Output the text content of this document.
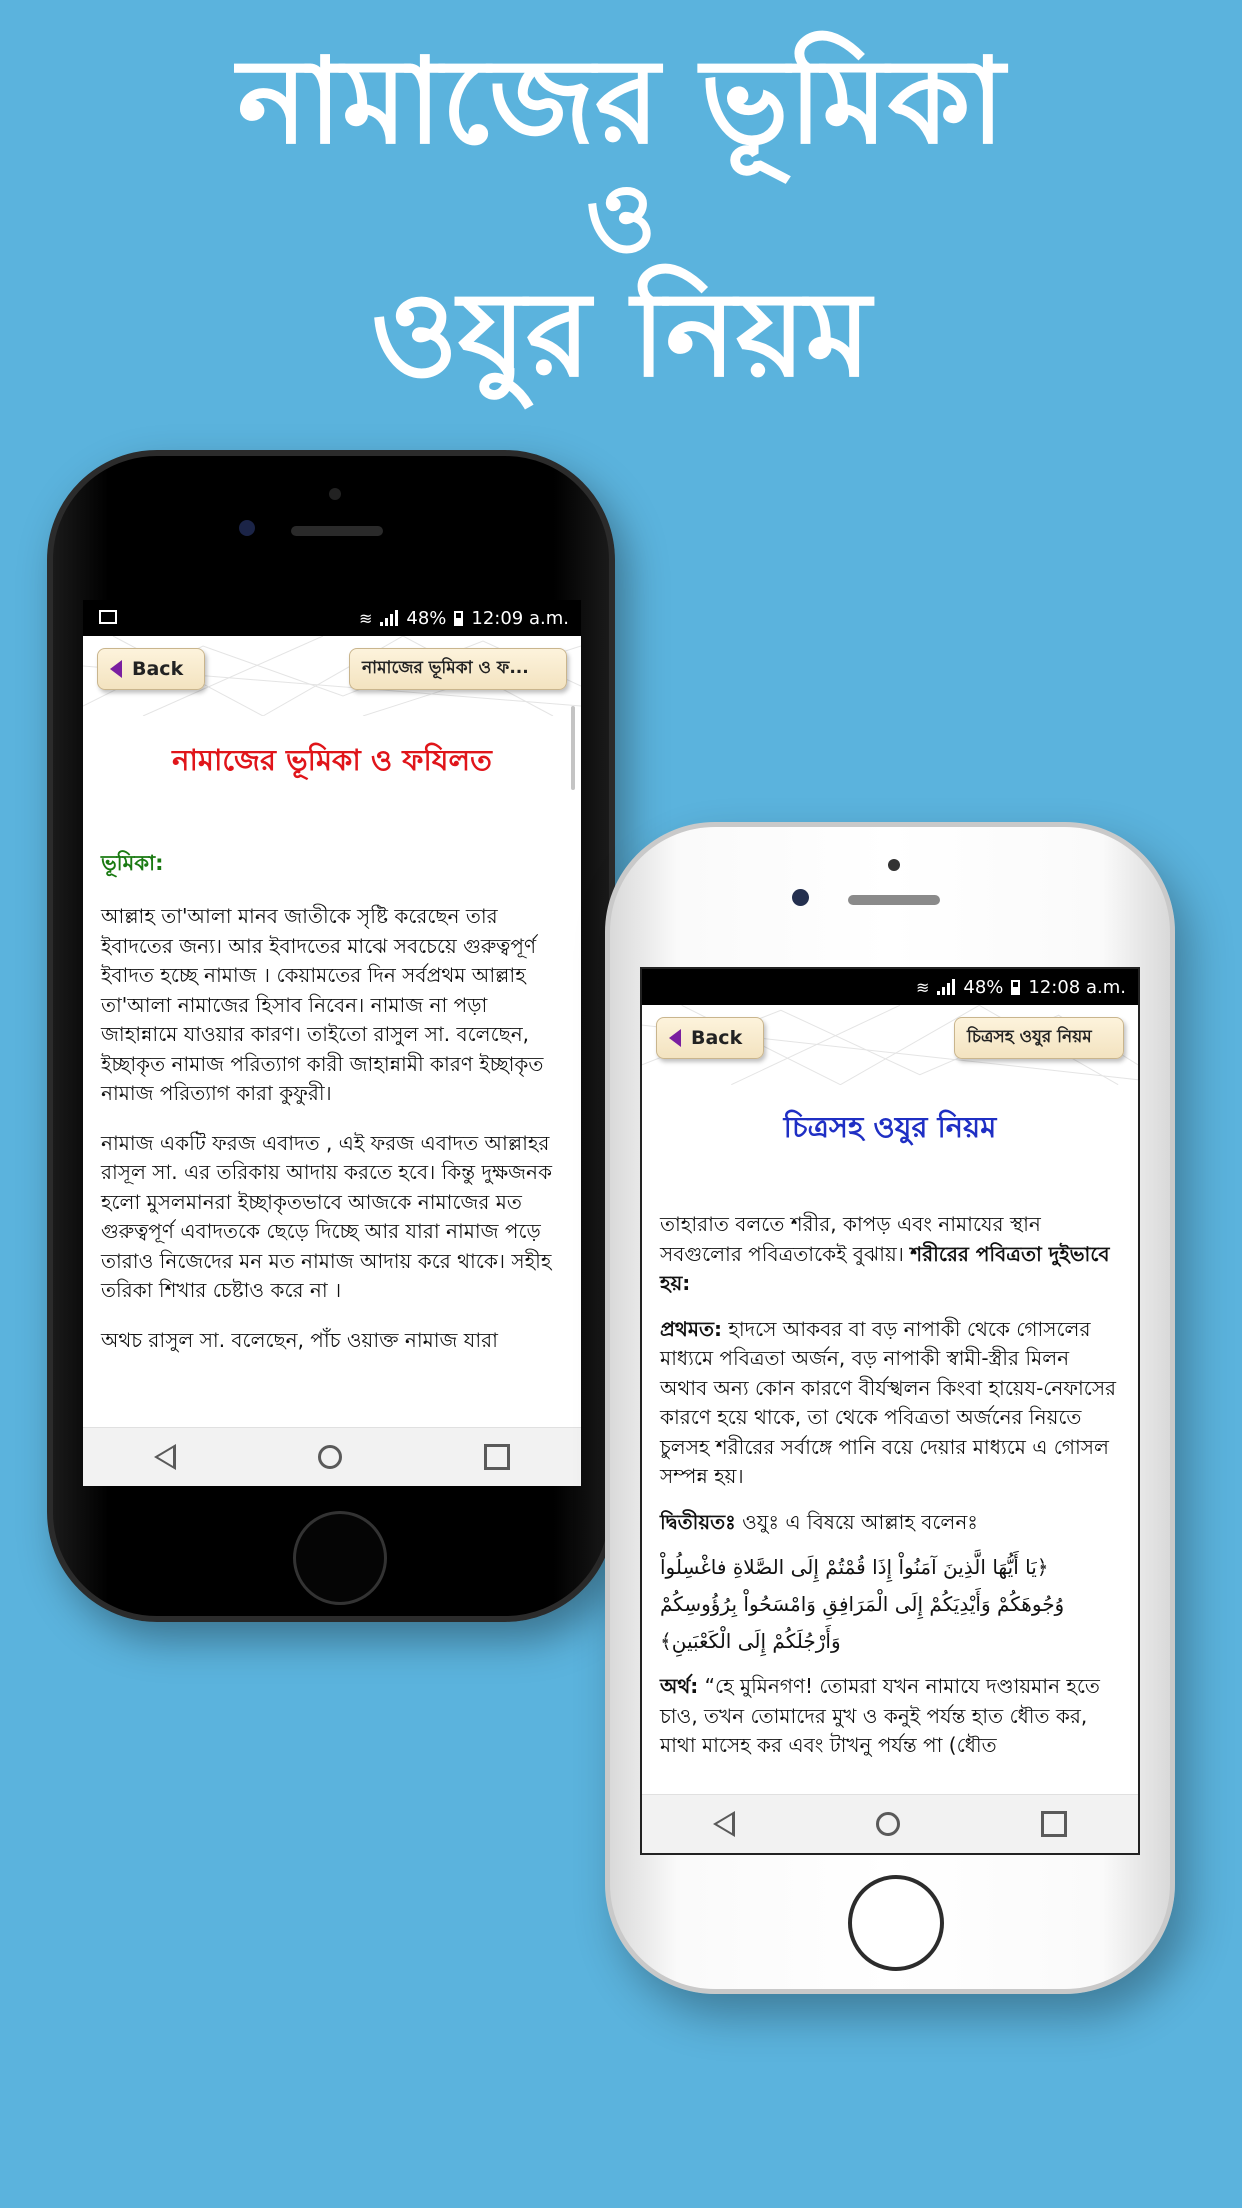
নামাজের ভূমিকা
ও
ওযুর নিয়ম
≋ 48% 12:09 a.m.
Back	নামাজের ভূমিকা ও ফ...

নামাজের ভূমিকা ও ফযিলত

ভূমিকা:

আল্লাহ তা'আলা মানব জাতীকে সৃষ্টি করেছেন তার ইবাদতের জন্য। আর ইবাদতের মাঝে সবচেয়ে গুরুত্বপূর্ণ ইবাদত হচ্ছে নামাজ । কেয়ামতের দিন সর্বপ্রথম আল্লাহ তা'আলা নামাজের হিসাব নিবেন। নামাজ না পড়া জাহান্নামে যাওয়ার কারণ। তাইতো রাসুল সা. বলেছেন, ইচ্ছাকৃত নামাজ পরিত্যাগ কারী জাহান্নামী কারণ ইচ্ছাকৃত নামাজ পরিত্যাগ কারা কুফুরী।

নামাজ একটি ফরজ এবাদত , এই ফরজ এবাদত আল্লাহর রাসূল সা. এর তরিকায় আদায় করতে হবে। কিন্তু দুক্ষজনক হলো মুসলমানরা ইচ্ছাকৃতভাবে আজকে নামাজের মত গুরুত্বপূর্ণ এবাদতকে ছেড়ে দিচ্ছে আর যারা নামাজ পড়ে তারাও নিজেদের মন মত নামাজ আদায় করে থাকে। সহীহ তরিকা শিখার চেষ্টাও করে না ।

অথচ রাসুল সা. বলেছেন, পাঁচ ওয়াক্ত নামাজ যারা

≋ 48% 12:08 a.m.
Back	চিত্রসহ ওযুর নিয়ম

চিত্রসহ ওযুর নিয়ম

তাহারাত বলতে শরীর, কাপড় এবং নামাযের স্থান সবগুলোর পবিত্রতাকেই বুঝায়। শরীরের পবিত্রতা দুইভাবে হয়:

প্রথমত: হাদসে আকবর বা বড় নাপাকী থেকে গোসলের মাধ্যমে পবিত্রতা অর্জন, বড় নাপাকী স্বামী-স্ত্রীর মিলন অথাব অন্য কোন কারণে বীর্যস্খলন কিংবা হায়েয-নেফাসের কারণে হয়ে থাকে, তা থেকে পবিত্রতা অর্জনের নিয়তে চুলসহ শরীরের সর্বাঙ্গে পানি বয়ে দেয়ার মাধ্যমে এ গোসল সম্পন্ন হয়।

দ্বিতীয়তঃ ওযুঃ এ বিষয়ে আল্লাহ বলেনঃ

﴿يَا أَيُّهَا الَّذِينَ آمَنُواْ إِذَا قُمْتُمْ إِلَى الصَّلاةِ فاغْسِلُواْ وُجُوهَكُمْ وَأَيْدِيَكُمْ إِلَى الْمَرَافِقِ وَامْسَحُواْ بِرُؤُوسِكُمْ وَأَرْجُلَكُمْ إِلَى الْكَعْبَينِ﴾

অর্থ: “হে মুমিনগণ! তোমরা যখন নামাযে দণ্ডায়মান হতে চাও, তখন তোমাদের মুখ ও কনুই পর্যন্ত হাত ধৌত কর, মাথা মাসেহ কর এবং টাখনু পর্যন্ত পা (ধৌত
